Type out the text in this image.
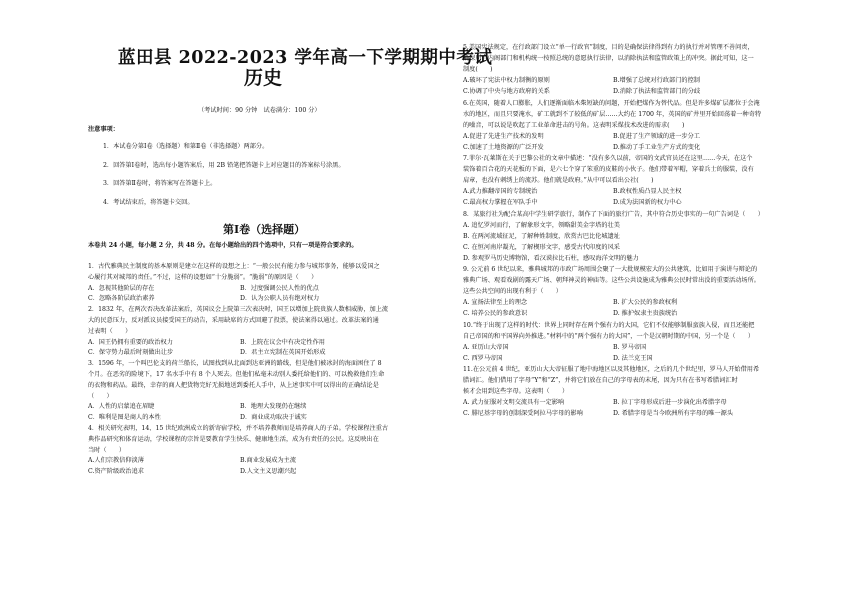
蓝田县 2022-2023 学年高一下学期期中考试
历史
（考试时间：90 分钟　试卷满分：100 分）
注意事项：
1．本试卷分第Ⅰ卷（选择题）和第Ⅱ卷（非选择题）两部分。
2．回答第Ⅰ卷时，选出每小题答案后，用 2B 铅笔把答题卡上对应题目的答案标号涂黑。
3．回答第Ⅱ卷时，将答案写在答题卡上。
4．考试结束后，将答题卡交回。
第Ⅰ卷（选择题）
本卷共 24 小题，每小题 2 分，共 48 分。在每小题给出的四个选项中，只有一项是符合要求的。
1．古代雅典民主制度的基本原则是建立在这样的设想之上：“一般公民有能力参与城邦事务，能够以爱国之
心履行其对城邦的责任。”不过，这样的设想如“十分脆弱”。“脆弱”的原因是（　　）
A．忽视其他阶层的存在	B．过度强调公民人性的优点
C．忽略各阶层政治素养	D．认为公职人员有绝对权力
2．1832 年，在两次否决改革法案后，英国议会上院第三次表决时，国王以增加上院贵族人数相威胁，加上流
大的民意压力，反对派议员接受国王的动告，采用缺席的方式回避了投票，使法案得以通过。改革法案的通
过表明（　　）
A．国王仍拥有重要的政治权力	B．上院在议会中有决定性作用
C．保守势力最后时刻做出让步	D．君主立宪制在英国开始形成
3．1596 年，一个叫巴伦支的荷兰船长，试图找到从北面到达亚洲的路线，但是他们被冰封的海面困住了 8
个月。在恶劣的险境下，17 名水手中有 8 个人死去。但他们私毫未动别人委托给他们的、可以挽救他们生命
的衣物和药品。最终，幸存的商人把货物完好无损地送到委托人手中，从上述事实中可以得出的正确结论是
（　　）
A．人性的启蒙追在眉睫	B．地理大发现仍在继续
C．唯利是图是商人的本性	D．商业成功取决于诚实
4．相关研究表明，14、15 世纪欧洲成立的新寄宿学校，并不培养教师而是培养商人的子弟。学校课程注重古
典作品研究和体育运动，学校课程的宗旨是要教育学生快乐、健康地生活，成为有责任的公民。这反映出在
当时（　　）
A.人们宗教信仰淡薄	B.商业发展成为主流
C.资产阶级政治追求	D.人文主义思潮兴起
5.美国宪法规定，在行政部门设立“单一行政官”制度，目的是确保法律得到有力的执行并对管理不善问责，
确保所有内阁部门和机构统一按照总统的意愿执行法律，以消除执法和监管政策上的冲突。据此可知，这一
制度(　　)
A.破坏了宪法中权力制衡的原则	B.增强了总统对行政部门的控制
C.协调了中央与地方政府的关系	D.消除了执法和监管部门的分歧
6.在英国，随着人口膨胀，人们逐渐面临木柴短缺的问题，开始把煤作为替代品。但是许多煤矿层都位于会淹
水的地区，而且只要淹水，矿工就到不了较低的矿层……大约在 1700 年，英国的矿井里开始回荡着一种奇特
的噪音，可以说是吹起了工业革命进击的号角。这表明采煤技术改进的需求(　　)
A.促进了先进生产技术的发明	B.促进了生产领域的进一步分工
C.加速了土地资源的广泛开发	D.推动了手工业生产方式的变化
7.菲尔·瓦莱斯在关于巴黎公社的文章中描述：“没有多久以前，帝国的文武官员还在这里……今天，在这个
装饰着百合花的天花板的下面，是六七个穿了笨重的皮鞋的小伙子。他们带着军帽，穿着兵士的服装，没有
肩章，也没有刺绣上的流苏。他们就是政府。”从中可以看出公社(　　)
A.武力推翻帝国的专制统治	B.政权性质凸显人民主权
C.最高权力掌握在军队手中	D.成为法国新的权力中心
8．某旅行社为配合某高中学生研学旅行，制作了下面的旅行广告，其中符合历史事实的一句广告词是（　　）
A. 追忆罗河而行，了解象形文字，领略甜美金字塔的壮美
B. 在两河流域征足，了解种姓制度，欣赏古巴比伦城遗址
C. 在恒河南岸凝光，了解楔形文字，感受古代印度的风采
D. 参观罗马历史博物馆，看汉谟拉比石柱，感叹海洋文明的魅力
9. 公元前 6 世纪以来，雅典城邦的市政广场周围会聚了一大批规模宏大的公共建筑，比如用于演讲与辩论的
雅典广场、观看戏剧的露天广场、朝拜神灵的神庙等。这些公共设施成为雅典公民时常出没的重要活动场所。
这些公共空间的出现有利于（　　）
A. 宣扬法律至上的理念	B. 扩大公民的参政权利
C. 培养公民的参政意识	D. 推护奴隶主贵族统治
10.“终于出现了这样的时代：世界上同时存在两个强有力的大国，它们不仅能够制服蛮族入侵，而且还能把
自己帝国的和平国界向外推进。”材料中的“两个强有力的大国”，一个是汉朝时期的中国，另一个是（　　）
A. 亚历山大帝国	B. 罗马帝国
C. 西罗马帝国	D. 法兰克王国
11.在公元前 4 世纪，亚历山大大帝征服了地中海地区以及其他地区，之后的几个世纪里，罗马人开始借用希
腊词汇。他们借用了字母“Y”和“Z”，并将它们放在自己的字母表的末尾，因为只有在书写希腊词汇时
候才会用到这些字母。这表明（　　）
A. 武力征服对文明交流具有一定影响	B. 拉丁字母形成后进一步演化出希腊字母
C. 腓尼基字母的创制深受阿拉马字母的影响	D. 希腊字母是当今欧洲所有字母的唯一源头
